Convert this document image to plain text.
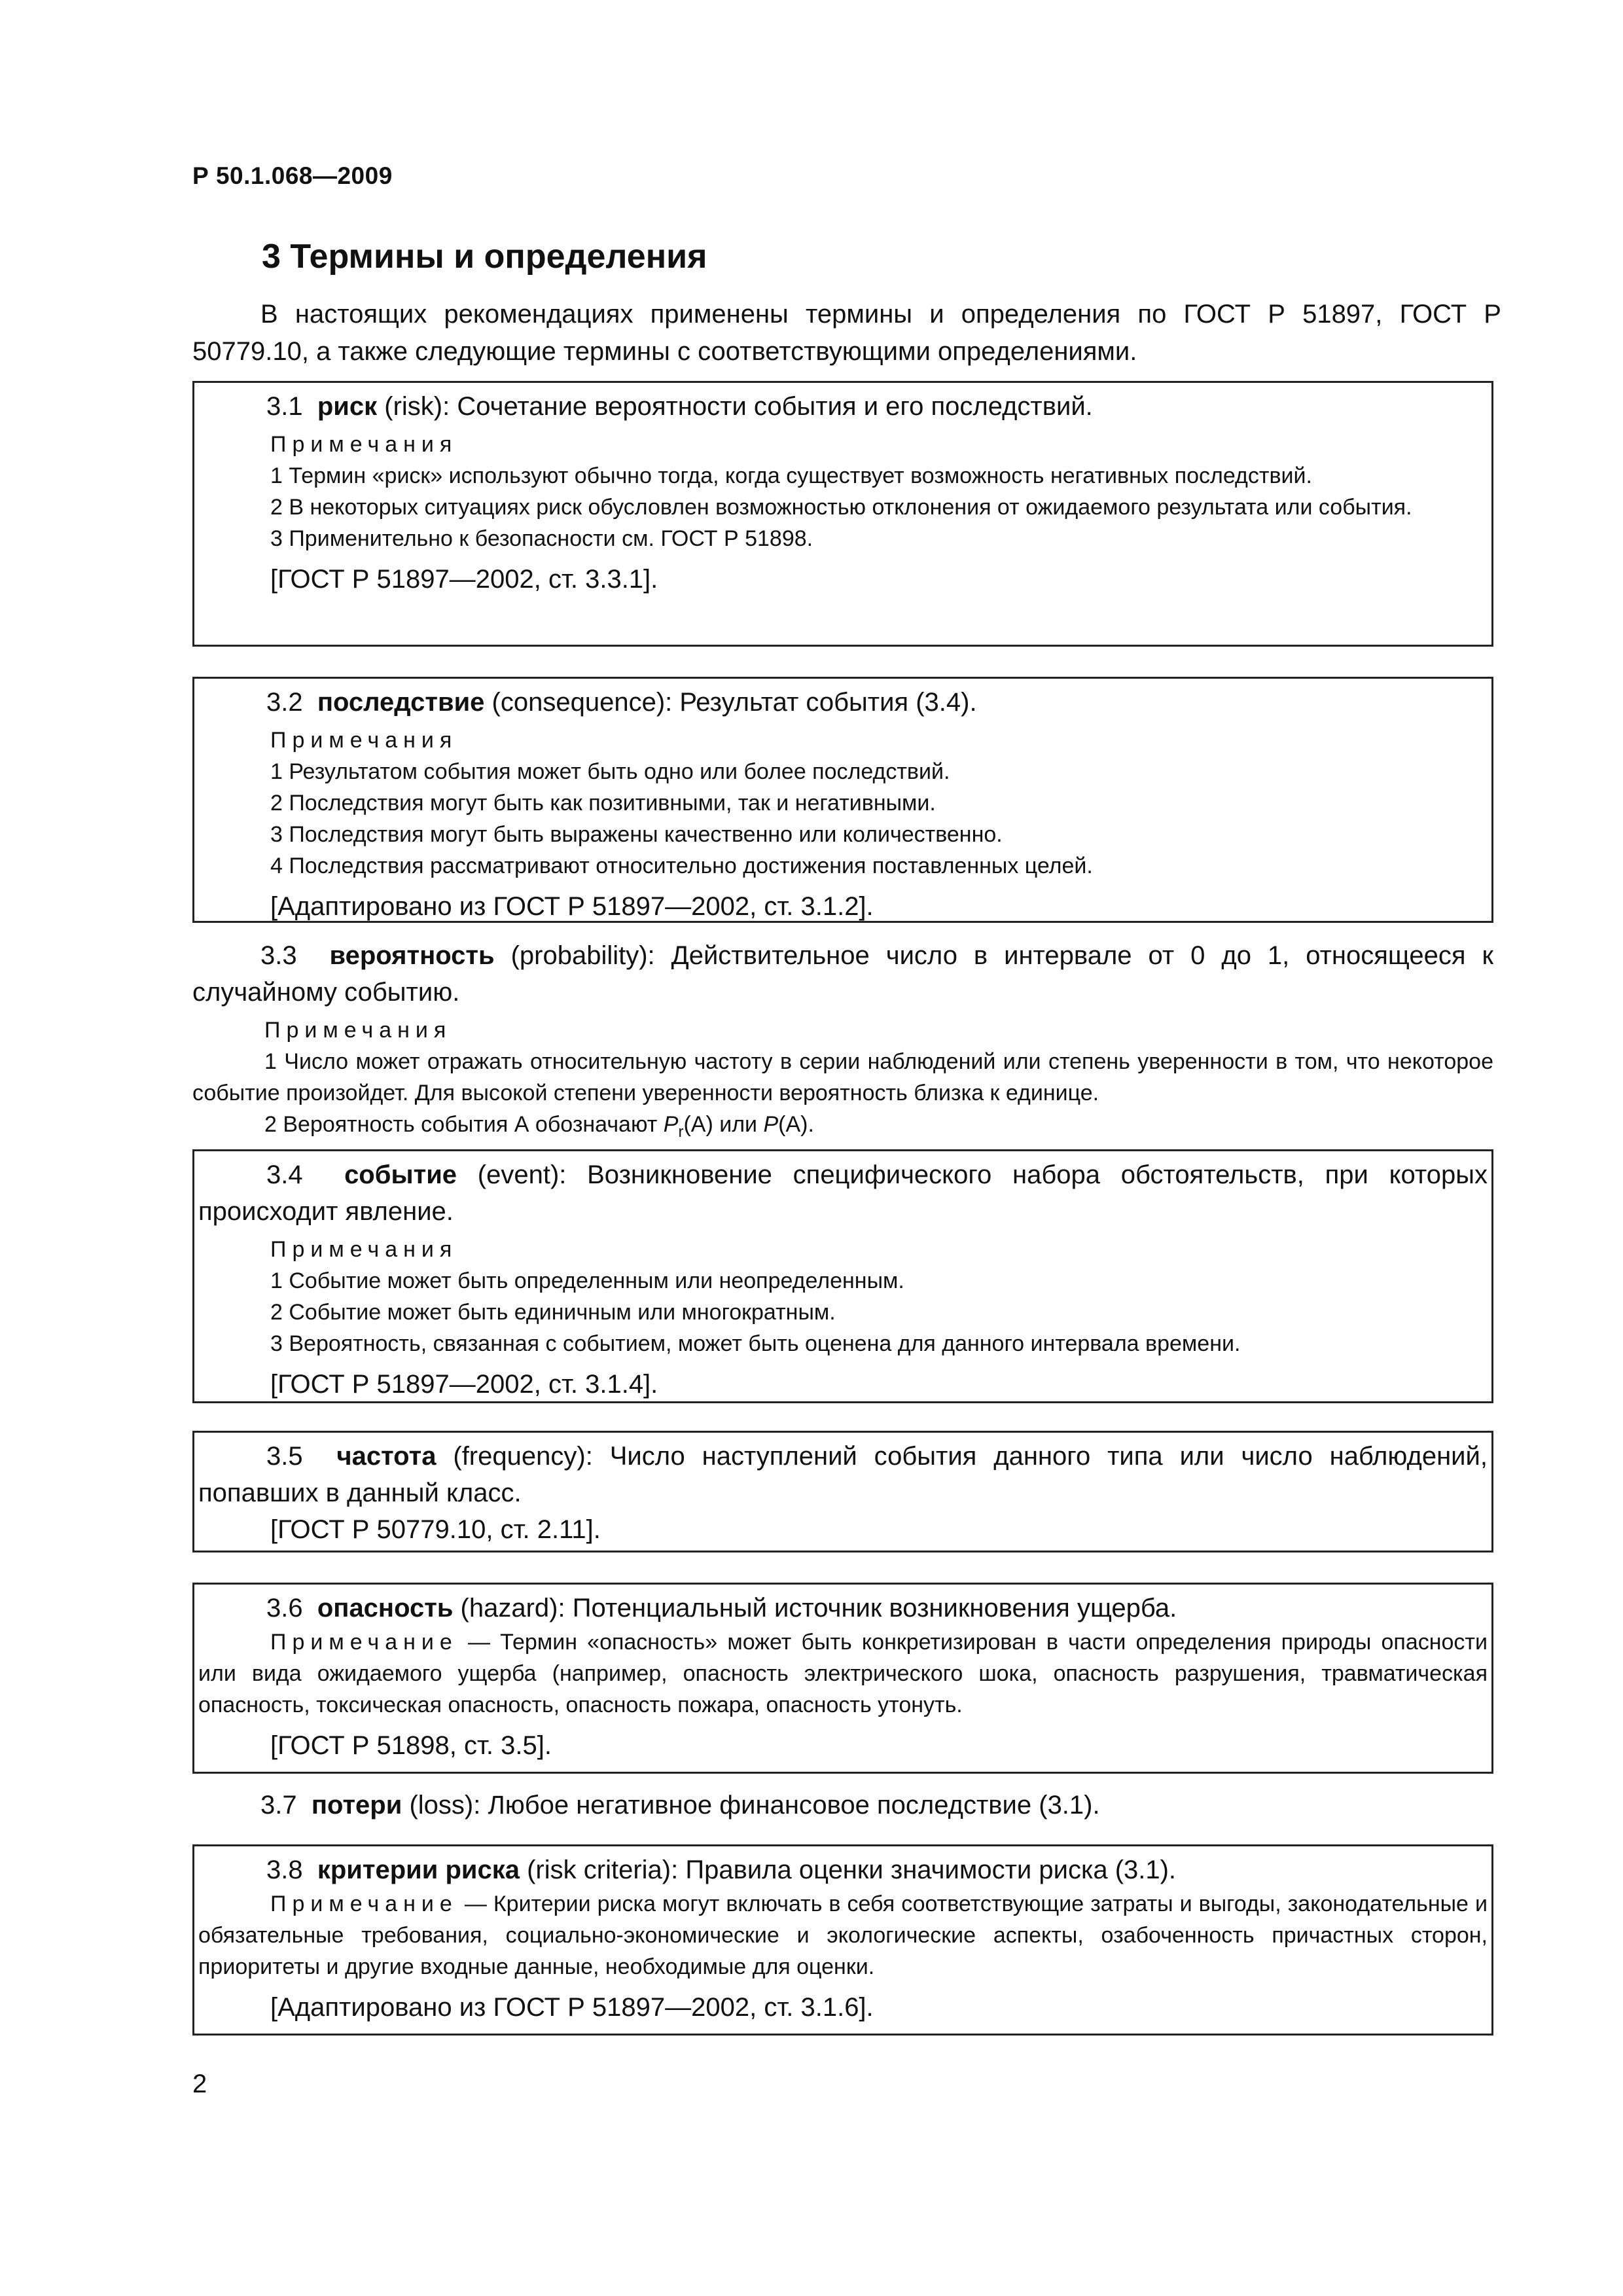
Р 50.1.068—2009
3 Термины и определения

В настоящих рекомендациях применены термины и определения по ГОСТ Р 51897, ГОСТ Р 50779.10, а также следующие термины с соответствующими определениями.

3.1 риск (risk): Сочетание вероятности события и его последствий.

Примечания

1 Термин «риск» используют обычно тогда, когда существует возможность негативных последствий.

2 В некоторых ситуациях риск обусловлен возможностью отклонения от ожидаемого результата или события.

3 Применительно к безопасности см. ГОСТ Р 51898.

[ГОСТ Р 51897—2002, ст. 3.3.1].

3.2 последствие (consequence): Результат события (3.4).

Примечания

1 Результатом события может быть одно или более последствий.

2 Последствия могут быть как позитивными, так и негативными.

3 Последствия могут быть выражены качественно или количественно.

4 Последствия рассматривают относительно достижения поставленных целей.

[Адаптировано из ГОСТ Р 51897—2002, ст. 3.1.2].

3.3 вероятность (probability): Действительное число в интервале от 0 до 1, относящееся к случайному событию.

Примечания

1 Число может отражать относительную частоту в серии наблюдений или степень уверенности в том, что некоторое событие произойдет. Для высокой степени уверенности вероятность близка к единице.

2 Вероятность события А обозначают $P_r(A)$ или P(A).

3.4 событие (event): Возникновение специфического набора обстоятельств, при которых происходит явление.

Примечания

1 Событие может быть определенным или неопределенным.

2 Событие может быть единичным или многократным.

3 Вероятность, связанная с событием, может быть оценена для данного интервала времени.

[ГОСТ Р 51897—2002, ст. 3.1.4].

3.5 частота (frequency): Число наступлений события данного типа или число наблюдений, попавших в данный класс.

[ГОСТ Р 50779.10, ст. 2.11].

3.6 опасность (hazard): Потенциальный источник возникновения ущерба.

Примечание — Термин «опасность» может быть конкретизирован в части определения природы опасности или вида ожидаемого ущерба (например, опасность электрического шока, опасность разрушения, травматическая опасность, токсическая опасность, опасность пожара, опасность утонуть.

[ГОСТ Р 51898, ст. 3.5].

3.7 потери (loss): Любое негативное финансовое последствие (3.1).

3.8 критерии риска (risk criteria): Правила оценки значимости риска (3.1).

Примечание — Критерии риска могут включать в себя соответствующие затраты и выгоды, законодательные и обязательные требования, социально-экономические и экологические аспекты, озабоченность причастных сторон, приоритеты и другие входные данные, необходимые для оценки.

[Адаптировано из ГОСТ Р 51897—2002, ст. 3.1.6].

2
